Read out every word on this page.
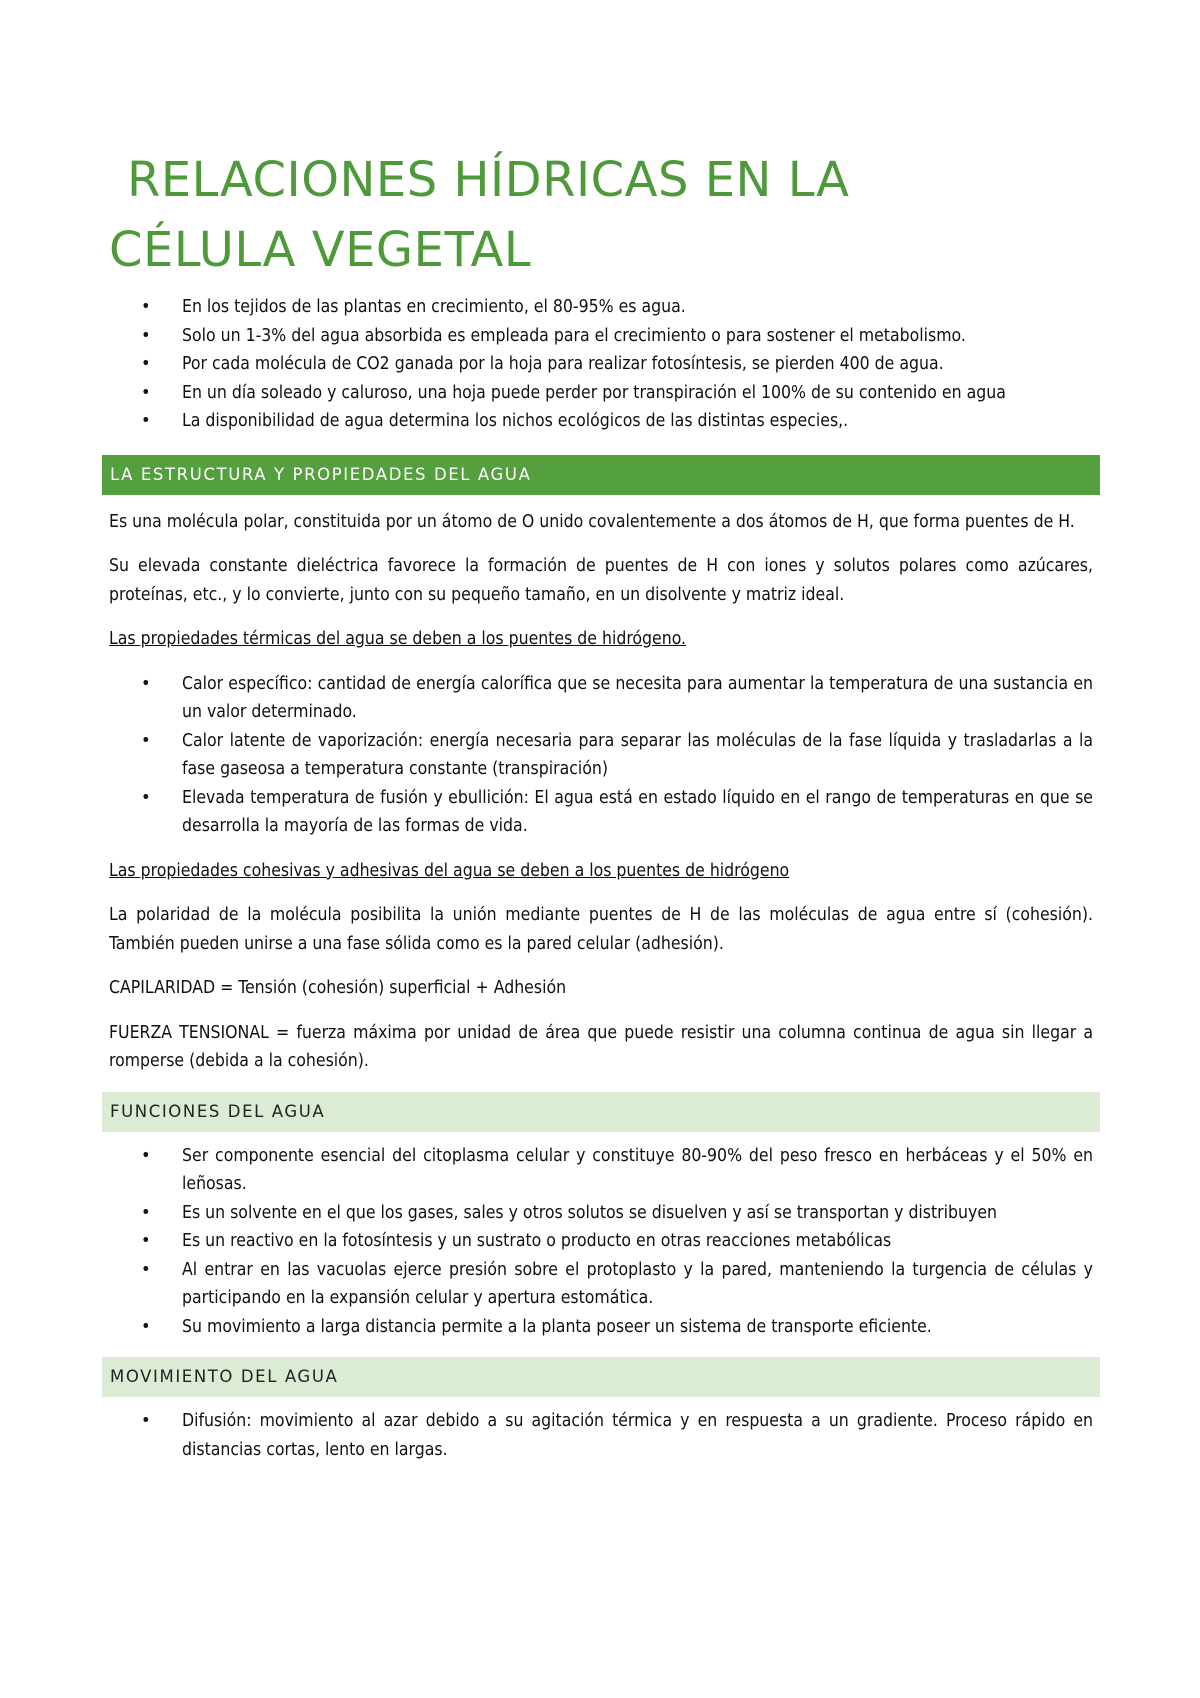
RELACIONES HÍDRICAS EN LA
CÉLULA VEGETAL
• En los tejidos de las plantas en crecimiento, el 80-95% es agua.
• Solo un 1-3% del agua absorbida es empleada para el crecimiento o para sostener el metabolismo.
• Por cada molécula de CO2 ganada por la hoja para realizar fotosíntesis, se pierden 400 de agua.
• En un día soleado y caluroso, una hoja puede perder por transpiración el 100% de su contenido en agua
• La disponibilidad de agua determina los nichos ecológicos de las distintas especies,.
LA ESTRUCTURA Y PROPIEDADES DEL AGUA

Es una molécula polar, constituida por un átomo de O unido covalentemente a dos átomos de H, que forma puentes de H.

Su elevada constante dieléctrica favorece la formación de puentes de H con iones y solutos polares como azúcares, proteínas, etc., y lo convierte, junto con su pequeño tamaño, en un disolvente y matriz ideal.

Las propiedades térmicas del agua se deben a los puentes de hidrógeno.

• Calor específico: cantidad de energía calorífica que se necesita para aumentar la temperatura de una sustancia en un valor determinado.
• Calor latente de vaporización: energía necesaria para separar las moléculas de la fase líquida y trasladarlas a la fase gaseosa a temperatura constante (transpiración)
• Elevada temperatura de fusión y ebullición: El agua está en estado líquido en el rango de temperaturas en que se desarrolla la mayoría de las formas de vida.

Las propiedades cohesivas y adhesivas del agua se deben a los puentes de hidrógeno

La polaridad de la molécula posibilita la unión mediante puentes de H de las moléculas de agua entre sí (cohesión). También pueden unirse a una fase sólida como es la pared celular (adhesión).

CAPILARIDAD = Tensión (cohesión) superficial + Adhesión

FUERZA TENSIONAL = fuerza máxima por unidad de área que puede resistir una columna continua de agua sin llegar a romperse (debida a la cohesión).

FUNCIONES DEL AGUA
• Ser componente esencial del citoplasma celular y constituye 80-90% del peso fresco en herbáceas y el 50% en leñosas.
• Es un solvente en el que los gases, sales y otros solutos se disuelven y así se transportan y distribuyen
• Es un reactivo en la fotosíntesis y un sustrato o producto en otras reacciones metabólicas
• Al entrar en las vacuolas ejerce presión sobre el protoplasto y la pared, manteniendo la turgencia de células y participando en la expansión celular y apertura estomática.
• Su movimiento a larga distancia permite a la planta poseer un sistema de transporte eficiente.
MOVIMIENTO DEL AGUA
• Difusión: movimiento al azar debido a su agitación térmica y en respuesta a un gradiente. Proceso rápido en distancias cortas, lento en largas.
